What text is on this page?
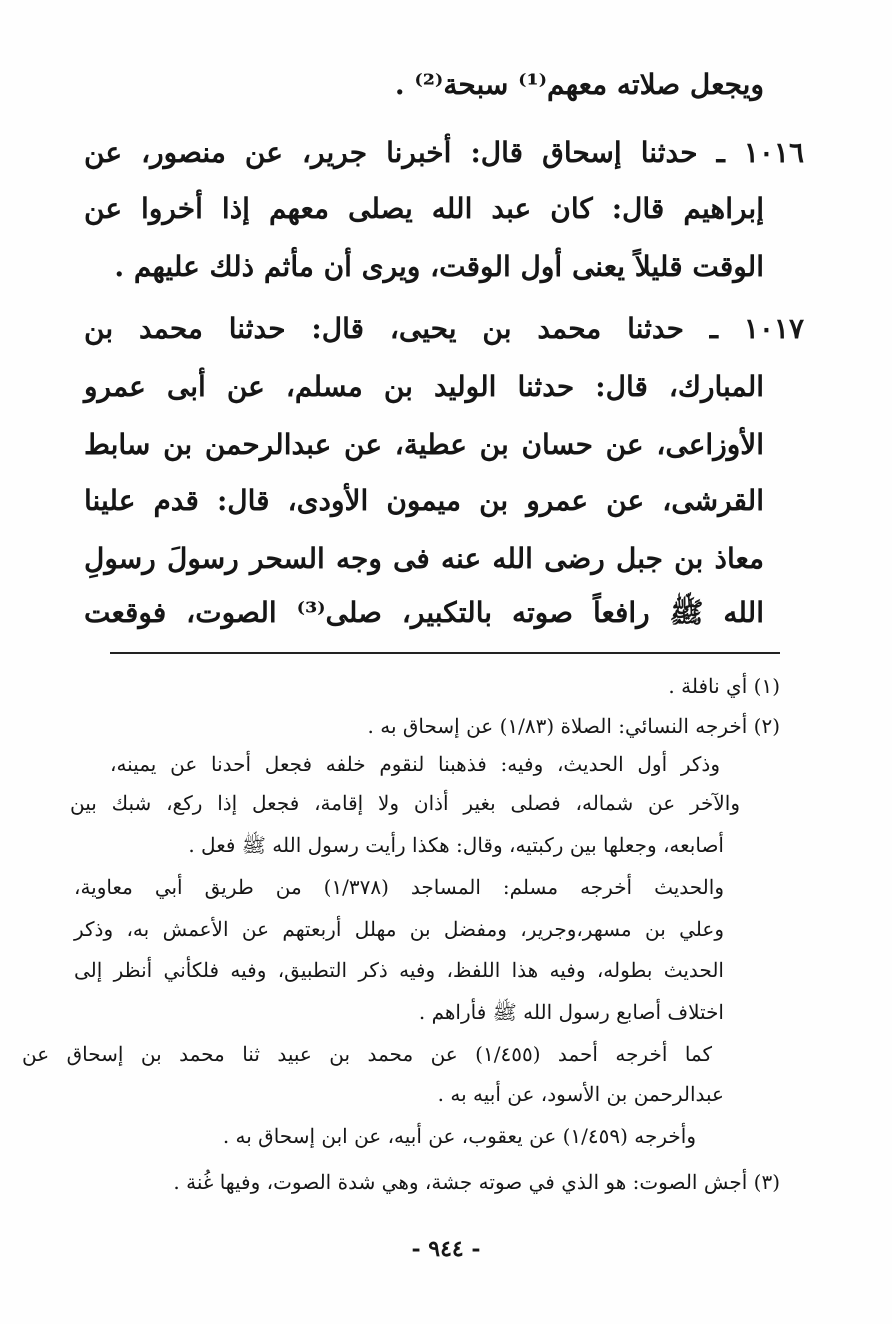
ويجعل صلاته معهم⁽¹⁾ سبحة⁽²⁾ .
١٠١٦ ـ حدثنا إسحاق قال: أخبرنا جرير، عن منصور، عن
إبراهيم قال: كان عبد الله يصلى معهم إذا أخروا عن
الوقت قليلاً يعنى أول الوقت، ويرى أن مأثم ذلك عليهم .
١٠١٧ ـ حدثنا محمد بن يحيى، قال: حدثنا محمد بن
المبارك، قال: حدثنا الوليد بن مسلم، عن أبى عمرو
الأوزاعى، عن حسان بن عطية، عن عبدالرحمن بن سابط
القرشى، عن عمرو بن ميمون الأودى، قال: قدم علينا
معاذ بن جبل رضى الله عنه فى وجه السحر رسولَ رسولِ
الله ﷺ رافعاً صوته بالتكبير، صلى⁽³⁾ الصوت، فوقعت
(١) أي نافلة .
(٢) أخرجه النسائي: الصلاة (١/٨٣) عن إسحاق به .
وذكر أول الحديث، وفيه: فذهبنا لنقوم خلفه فجعل أحدنا عن يمينه،
والآخر عن شماله، فصلى بغير أذان ولا إقامة، فجعل إذا ركع، شبك بين
أصابعه، وجعلها بين ركبتيه، وقال: هكذا رأيت رسول الله ﷺ فعل .
والحديث أخرجه مسلم: المساجد (١/٣٧٨) من طريق أبي معاوية،
وعلي بن مسهر،وجرير، ومفضل بن مهلل أربعتهم عن الأعمش به، وذكر
الحديث بطوله، وفيه هذا اللفظ، وفيه ذكر التطبيق، وفيه فلكأني أنظر إلى
اختلاف أصابع رسول الله ﷺ فأراهم .
كما أخرجه أحمد (١/٤٥٥) عن محمد بن عبيد ثنا محمد بن إسحاق عن
عبدالرحمن بن الأسود، عن أبيه به .
وأخرجه (١/٤٥٩) عن يعقوب، عن أبيه، عن ابن إسحاق به .
(٣) أجش الصوت: هو الذي في صوته جشة، وهي شدة الصوت، وفيها غُنة .
- ٩٤٤ -
